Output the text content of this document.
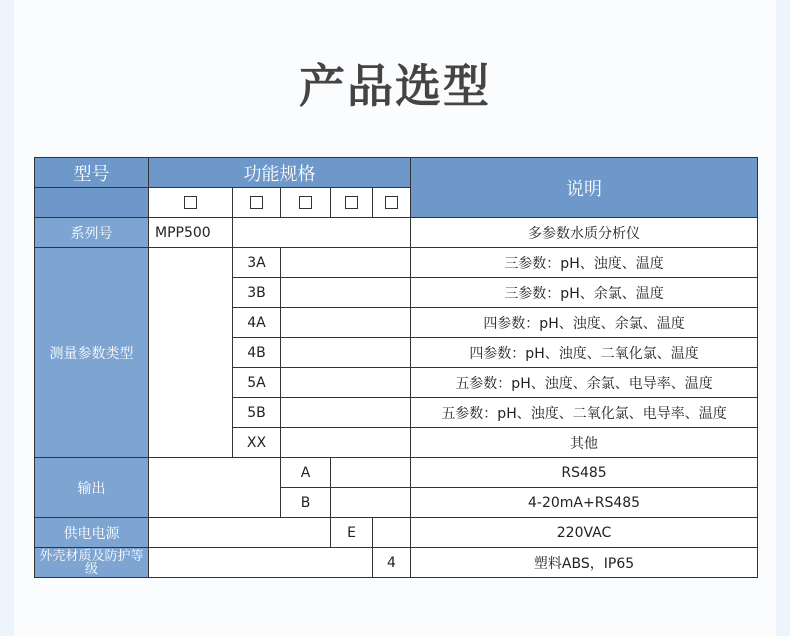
产品选型
型号	功能规格					说明

系列号	MPP500					多参数水质分析仪
测量参数类型		3A				三参数：pH、浊度、温度
		3B				三参数：pH、余氯、温度
		4A				四参数：pH、浊度、余氯、温度
		4B				四参数：pH、浊度、二氧化氯、温度
		5A				五参数：pH、浊度、余氯、电导率、温度
		5B				五参数：pH、浊度、二氧化氯、电导率、温度
		XX				其他
输出			A			RS485
			B			4-20mA+RS485
供电电源				E		220VAC
外壳材质及防护等级					4	塑料ABS，IP65
